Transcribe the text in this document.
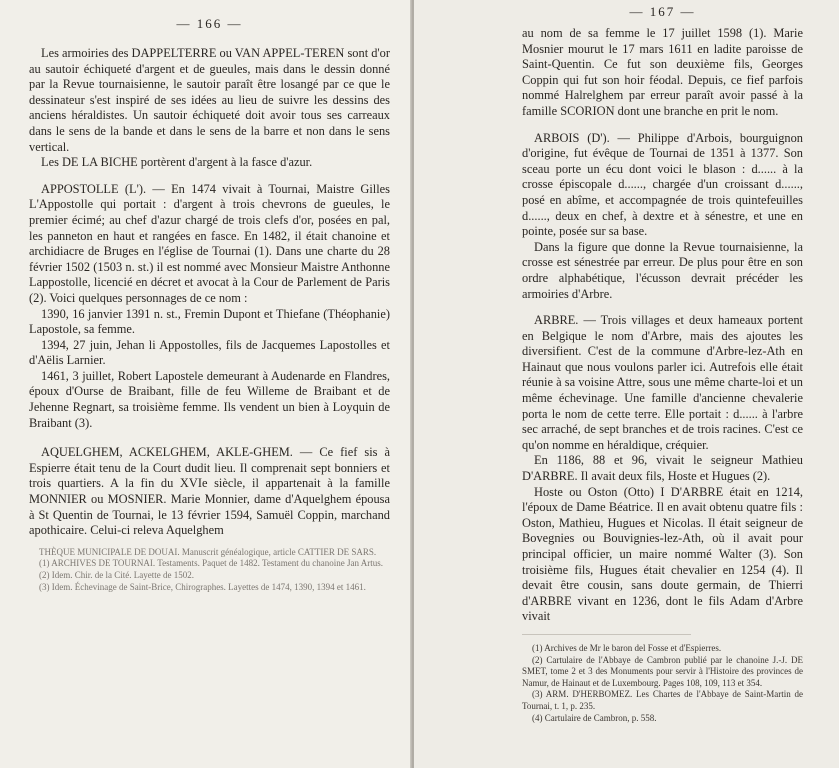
— 166 —

Les armoiries des DAPPELTERRE ou VAN APPEL-TEREN sont d'or au sautoir échiqueté d'argent et de gueules, mais dans le dessin donné par la Revue tournaisienne, le sautoir paraît être losangé par ce que le dessinateur s'est inspiré de ses idées au lieu de suivre les dessins des anciens héraldistes. Un sautoir échiqueté doit avoir tous ses carreaux dans le sens de la bande et dans le sens de la barre et non dans le sens vertical.

Les DE LA BICHE portèrent d'argent à la fasce d'azur.

APPOSTOLLE (L'). — En 1474 vivait à Tournai, Maistre Gilles L'Appostolle qui portait : d'argent à trois chevrons de gueules, le premier écimé; au chef d'azur chargé de trois clefs d'or, posées en pal, les panneton en haut et rangées en fasce. En 1482, il était chanoine et archidiacre de Bruges en l'église de Tournai (1). Dans une charte du 28 février 1502 (1503 n. st.) il est nommé avec Monsieur Maistre Anthonne Lappostolle, licencié en décret et avocat à la Cour de Parlement de Paris (2). Voici quelques personnages de ce nom :

1390, 16 janvier 1391 n. st., Fremin Dupont et Thiefane (Théophanie) Lapostole, sa femme.

1394, 27 juin, Jehan li Appostolles, fils de Jacquemes Lapostolles et d'Aëlis Larnier.

1461, 3 juillet, Robert Lapostele demeurant à Audenarde en Flandres, époux d'Ourse de Braibant, fille de feu Willeme de Braibant et de Jehenne Regnart, sa troisième femme. Ils vendent un bien à Loyquin de Braibant (3).

AQUELGHEM, ACKELGHEM, AKLE-GHEM. — Ce fief sis à Espierre était tenu de la Court dudit lieu. Il comprenait sept bonniers et trois quartiers. A la fin du XVIe siècle, il appartenait à la famille MONNIER ou MOSNIER. Marie Monnier, dame d'Aquelghem épousa à St Quentin de Tournai, le 13 février 1594, Samuël Coppin, marchand apothicaire. Celui-ci releva Aquelghem

THÈQUE MUNICIPALE DE DOUAI. Manuscrit généalogique, article CATTIER DE SARS.

(1) ARCHIVES DE TOURNAI. Testaments. Paquet de 1482. Testament du chanoine Jan Artus.

(2) Idem. Chir. de la Cité. Layette de 1502.

(3) Idem. Échevinage de Saint-Brice, Chirographes. Layettes de 1474, 1390, 1394 et 1461.

— 167 —

au nom de sa femme le 17 juillet 1598 (1). Marie Mosnier mourut le 17 mars 1611 en ladite paroisse de Saint-Quentin. Ce fut son deuxième fils, Georges Coppin qui fut son hoir féodal. Depuis, ce fief parfois nommé Halrelghem par erreur paraît avoir passé à la famille SCORION dont une branche en prit le nom.

ARBOIS (D'). — Philippe d'Arbois, bourguignon d'origine, fut évêque de Tournai de 1351 à 1377. Son sceau porte un écu dont voici le blason : d...... à la crosse épiscopale d......, chargée d'un croissant d......, posé en abîme, et accompagnée de trois quintefeuilles d......, deux en chef, à dextre et à sénestre, et une en pointe, posée sur sa base.

Dans la figure que donne la Revue tournaisienne, la crosse est sénestrée par erreur. De plus pour être en son ordre alphabétique, l'écusson devrait précéder les armoiries d'Arbre.

ARBRE. — Trois villages et deux hameaux portent en Belgique le nom d'Arbre, mais des ajoutes les diversifient. C'est de la commune d'Arbre-lez-Ath en Hainaut que nous voulons parler ici. Autrefois elle était réunie à sa voisine Attre, sous une même charte-loi et un même échevinage. Une famille d'ancienne chevalerie porta le nom de cette terre. Elle portait : d...... à l'arbre sec arraché, de sept branches et de trois racines. C'est ce qu'on nomme en héraldique, créquier.

En 1186, 88 et 96, vivait le seigneur Mathieu D'ARBRE. Il avait deux fils, Hoste et Hugues (2).

Hoste ou Oston (Otto) I D'ARBRE était en 1214, l'époux de Dame Béatrice. Il en avait obtenu quatre fils : Oston, Mathieu, Hugues et Nicolas. Il était seigneur de Bovegnies ou Bouvignies-lez-Ath, où il avait pour principal officier, un maire nommé Walter (3). Son troisième fils, Hugues était chevalier en 1254 (4). Il devait être cousin, sans doute germain, de Thierri d'ARBRE vivant en 1236, dont le fils Adam d'Arbre vivait

(1) Archives de Mr le baron del Fosse et d'Espierres.

(2) Cartulaire de l'Abbaye de Cambron publié par le chanoine J.-J. DE SMET, tome 2 et 3 des Monuments pour servir à l'Histoire des provinces de Namur, de Hainaut et de Luxembourg. Pages 108, 109, 113 et 354.

(3) ARM. D'HERBOMEZ. Les Chartes de l'Abbaye de Saint-Martin de Tournai, t. 1, p. 235.

(4) Cartulaire de Cambron, p. 558.
